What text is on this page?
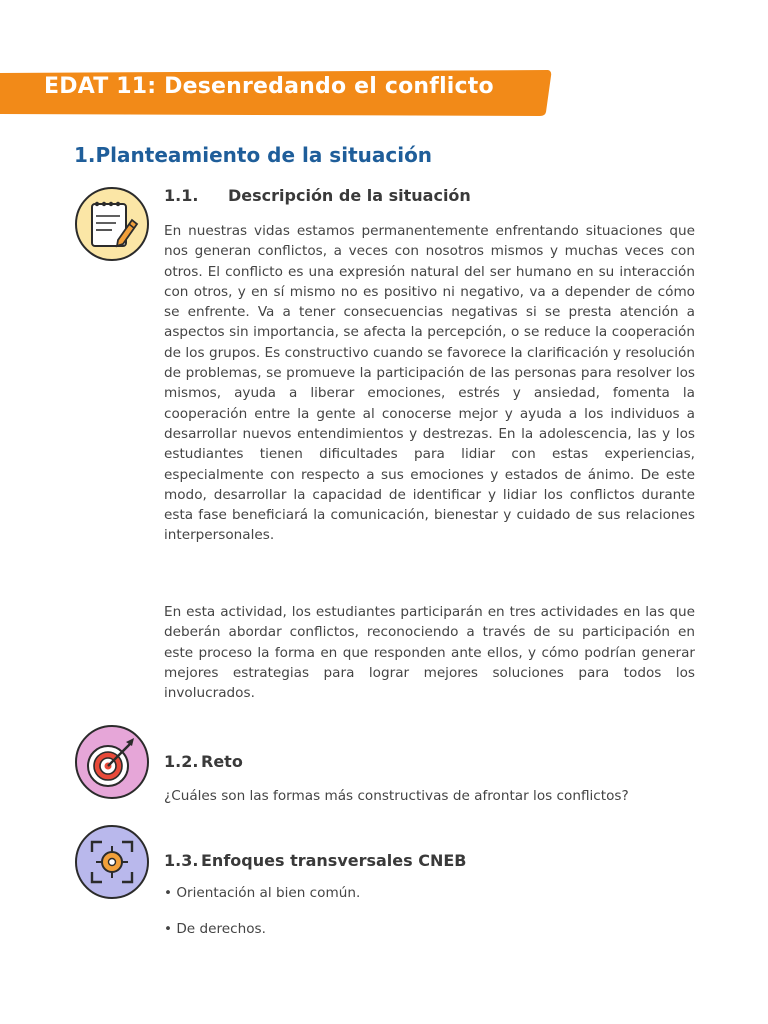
EDAT 11: Desenredando el conflicto
1.Planteamiento de la situación
1.1. Descripción de la situación

En nuestras vidas estamos permanentemente enfrentando situaciones que nos generan conflictos, a veces con nosotros mismos y muchas veces con otros. El conflicto es una expresión natural del ser humano en su interacción con otros, y en sí mismo no es positivo ni negativo, va a depender de cómo se enfrente. Va a tener consecuencias negativas si se presta atención a aspectos sin importancia, se afecta la percepción, o se reduce la cooperación de los grupos. Es constructivo cuando se favorece la clarificación y resolución de problemas, se promueve la participación de las personas para resolver los mismos, ayuda a liberar emociones, estrés y ansiedad, fomenta la cooperación entre la gente al conocerse mejor y ayuda a los individuos a desarrollar nuevos entendimientos y destrezas. En la adolescencia, las y los estudiantes tienen dificultades para lidiar con estas experiencias, especialmente con respecto a sus emociones y estados de ánimo. De este modo, desarrollar la capacidad de identificar y lidiar los conflictos durante esta fase beneficiará la comunicación, bienestar y cuidado de sus relaciones interpersonales.

En esta actividad, los estudiantes participarán en tres actividades en las que deberán abordar conflictos, reconociendo a través de su participación en este proceso la forma en que responden ante ellos, y cómo podrían generar mejores estrategias para lograr mejores soluciones para todos los involucrados.

1.2. Reto
¿Cuáles son las formas más constructivas de afrontar los conflictos?
1.3. Enfoques transversales CNEB
• Orientación al bien común.
• De derechos.
